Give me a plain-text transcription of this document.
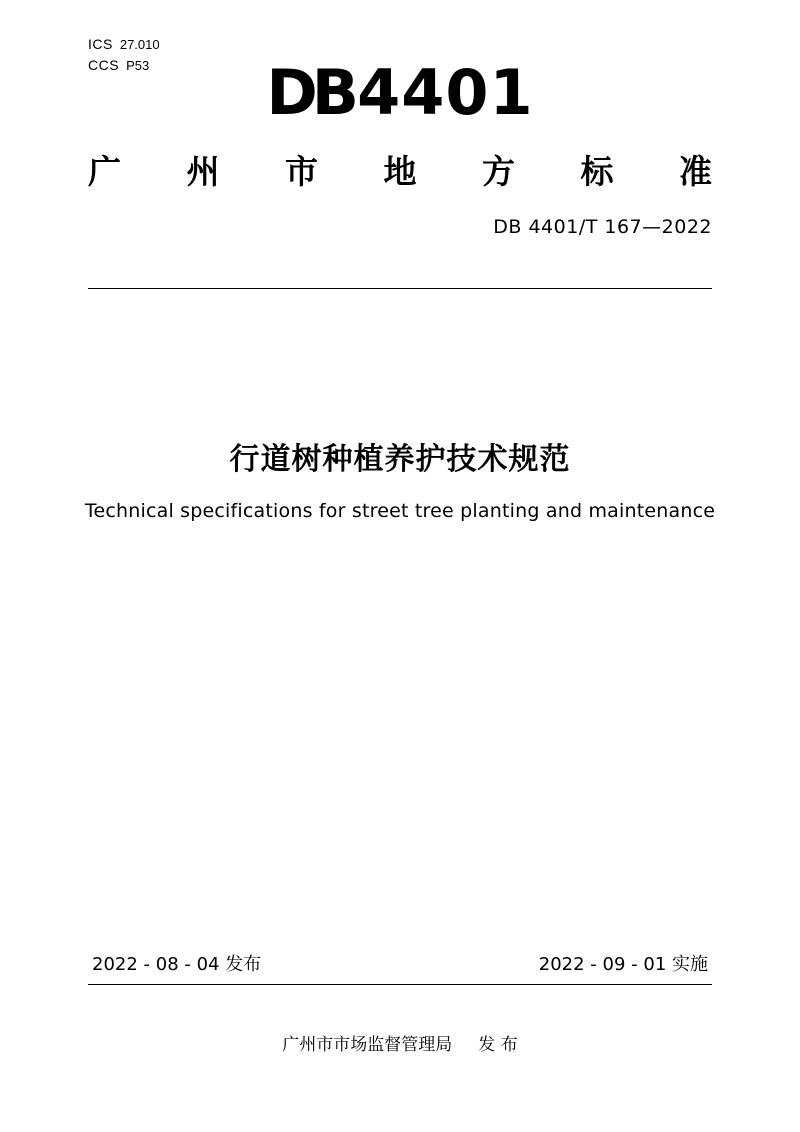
ICS 27.010
CCS P53	DB4401
广 州 市 地 方 标 准
DB 4401/T 167—2022
行道树种植养护技术规范
Technical specifications for street tree planting and maintenance
2022 - 08 - 04 发布	2022 - 09 - 01 实施
广州市市场监督管理局 发 布
